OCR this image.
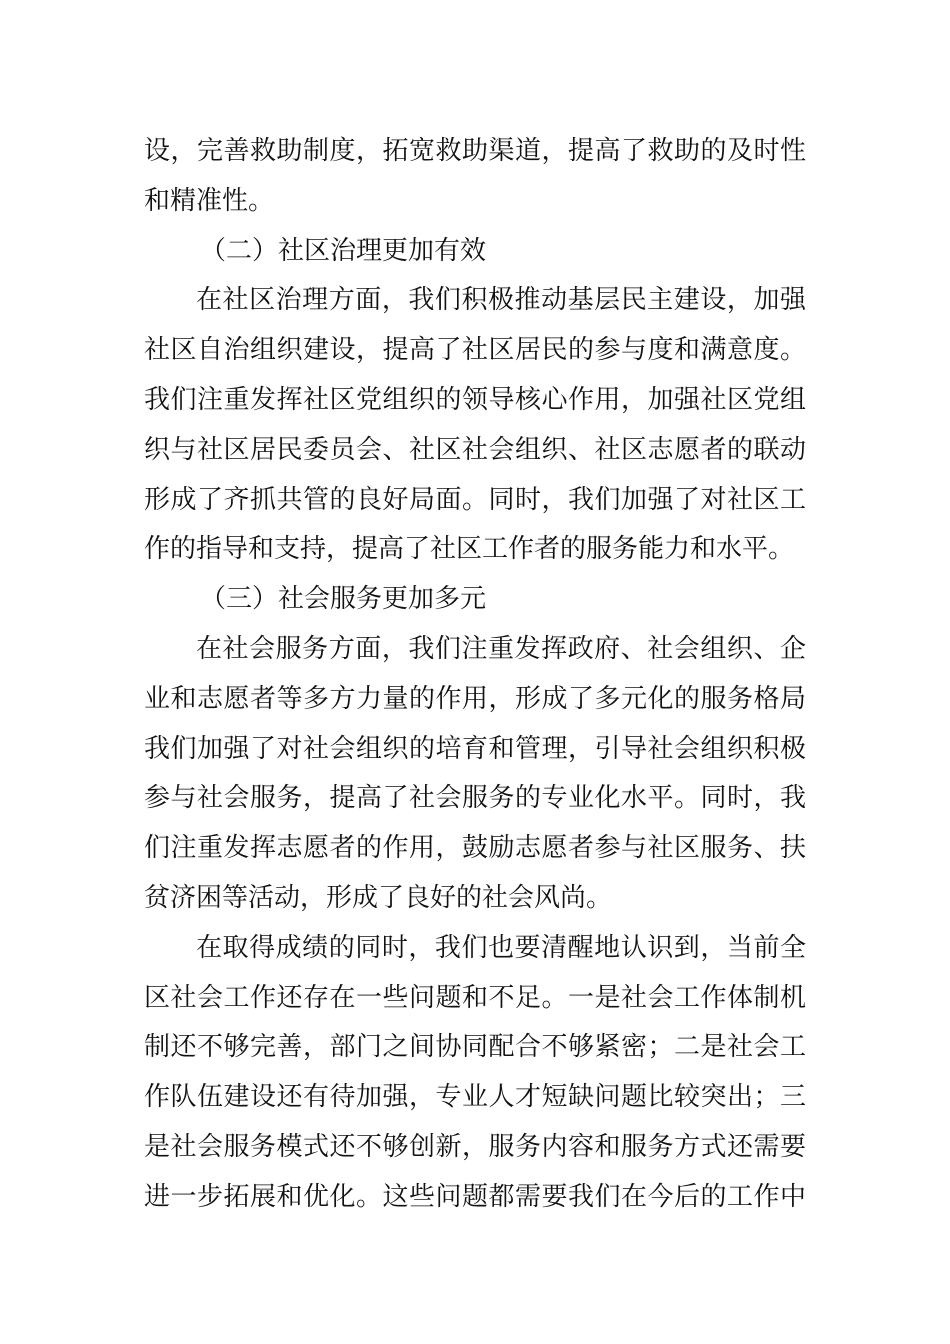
设，完善救助制度，拓宽救助渠道，提高了救助的及时性
和精准性。
（二）社区治理更加有效
在社区治理方面，我们积极推动基层民主建设，加强
社区自治组织建设，提高了社区居民的参与度和满意度。
我们注重发挥社区党组织的领导核心作用，加强社区党组
织与社区居民委员会、社区社会组织、社区志愿者的联动
形成了齐抓共管的良好局面。同时，我们加强了对社区工
作的指导和支持，提高了社区工作者的服务能力和水平。
（三）社会服务更加多元
在社会服务方面，我们注重发挥政府、社会组织、企
业和志愿者等多方力量的作用，形成了多元化的服务格局
我们加强了对社会组织的培育和管理，引导社会组织积极
参与社会服务，提高了社会服务的专业化水平。同时，我
们注重发挥志愿者的作用，鼓励志愿者参与社区服务、扶
贫济困等活动，形成了良好的社会风尚。
在取得成绩的同时，我们也要清醒地认识到，当前全
区社会工作还存在一些问题和不足。一是社会工作体制机
制还不够完善，部门之间协同配合不够紧密；二是社会工
作队伍建设还有待加强，专业人才短缺问题比较突出；三
是社会服务模式还不够创新，服务内容和服务方式还需要
进一步拓展和优化。这些问题都需要我们在今后的工作中
